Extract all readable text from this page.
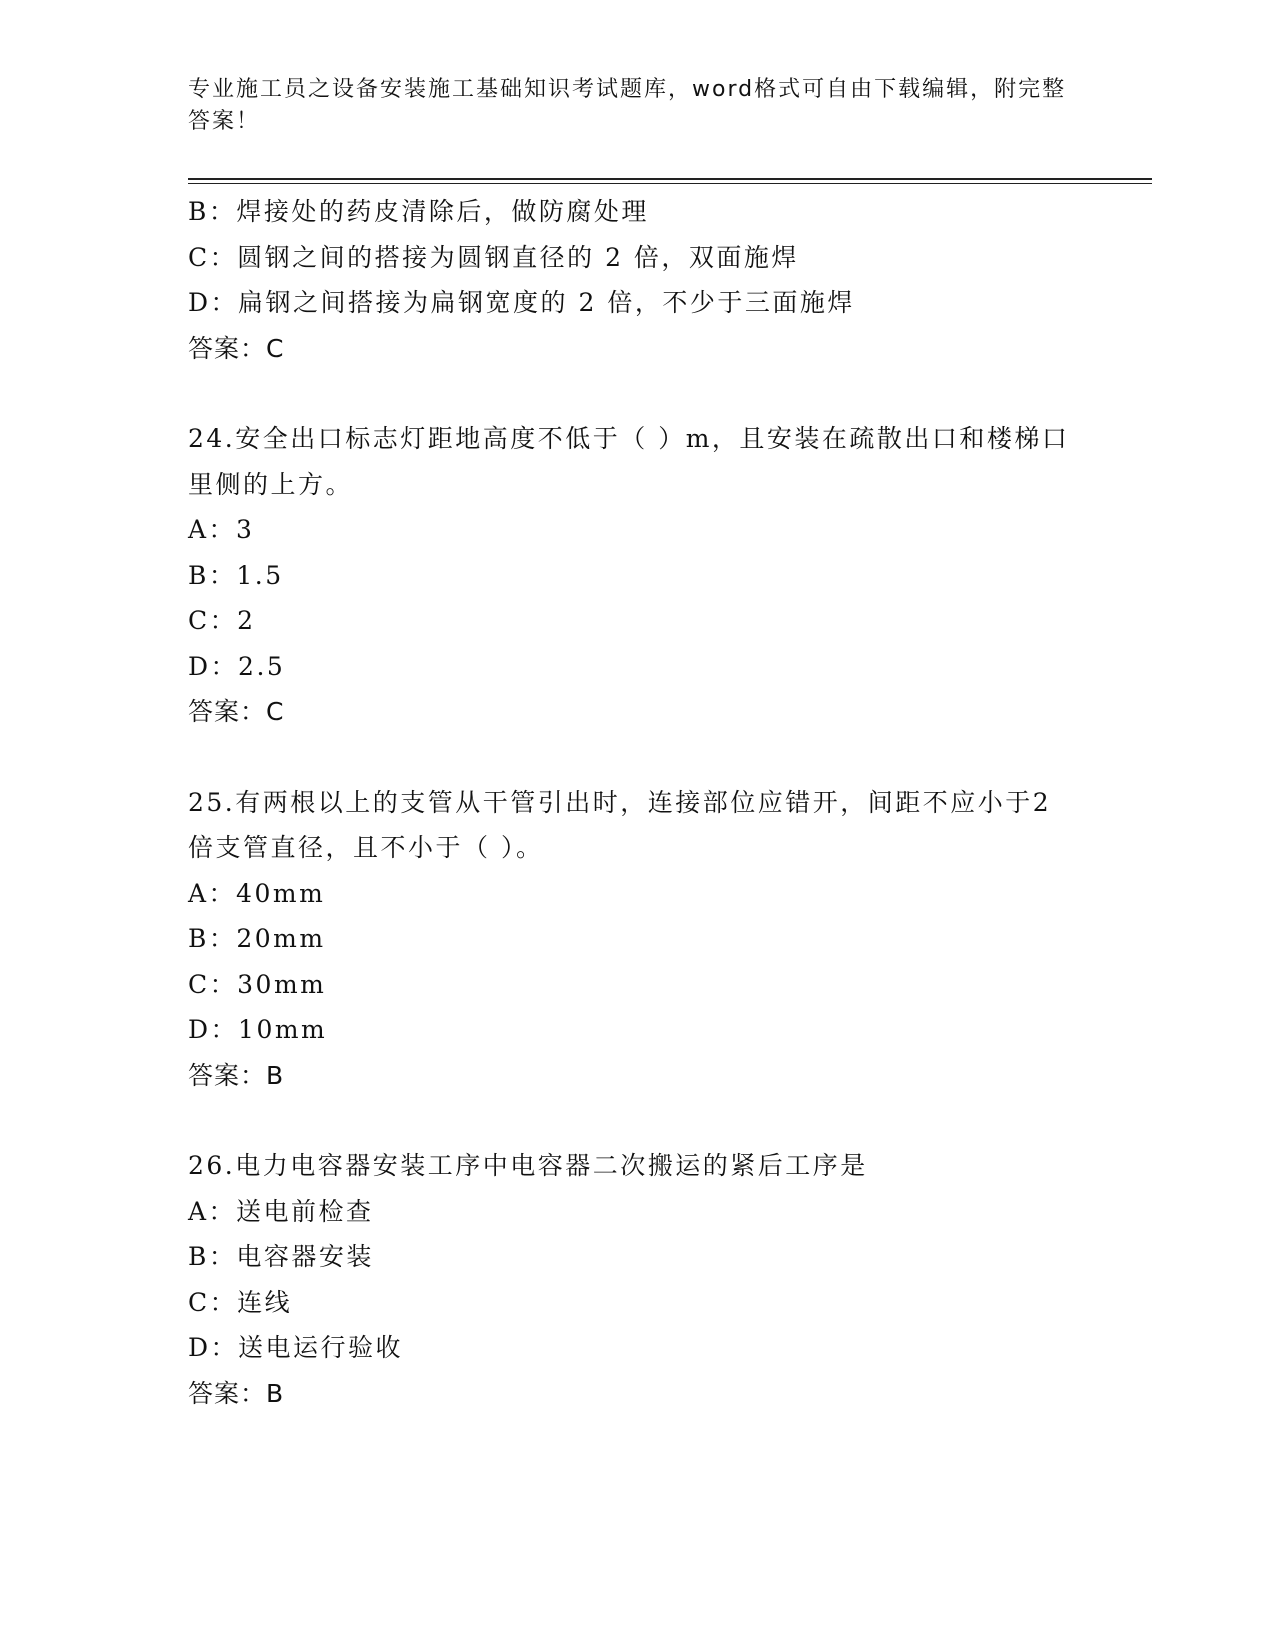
专业施工员之设备安装施工基础知识考试题库，word格式可自由下载编辑，附完整答案！
B：焊接处的药皮清除后，做防腐处理
C：圆钢之间的搭接为圆钢直径的 2 倍，双面施焊
D：扁钢之间搭接为扁钢宽度的 2 倍，不少于三面施焊
答案：C
24.安全出口标志灯距地高度不低于（ ）m，且安装在疏散出口和楼梯口里侧的上方。
A：3
B：1.5
C：2
D：2.5
答案：C
25.有两根以上的支管从干管引出时，连接部位应错开，间距不应小于2 倍支管直径，且不小于（ ）。
A：40mm
B：20mm
C：30mm
D：10mm
答案：B
26.电力电容器安装工序中电容器二次搬运的紧后工序是
A：送电前检查
B：电容器安装
C：连线
D：送电运行验收
答案：B
